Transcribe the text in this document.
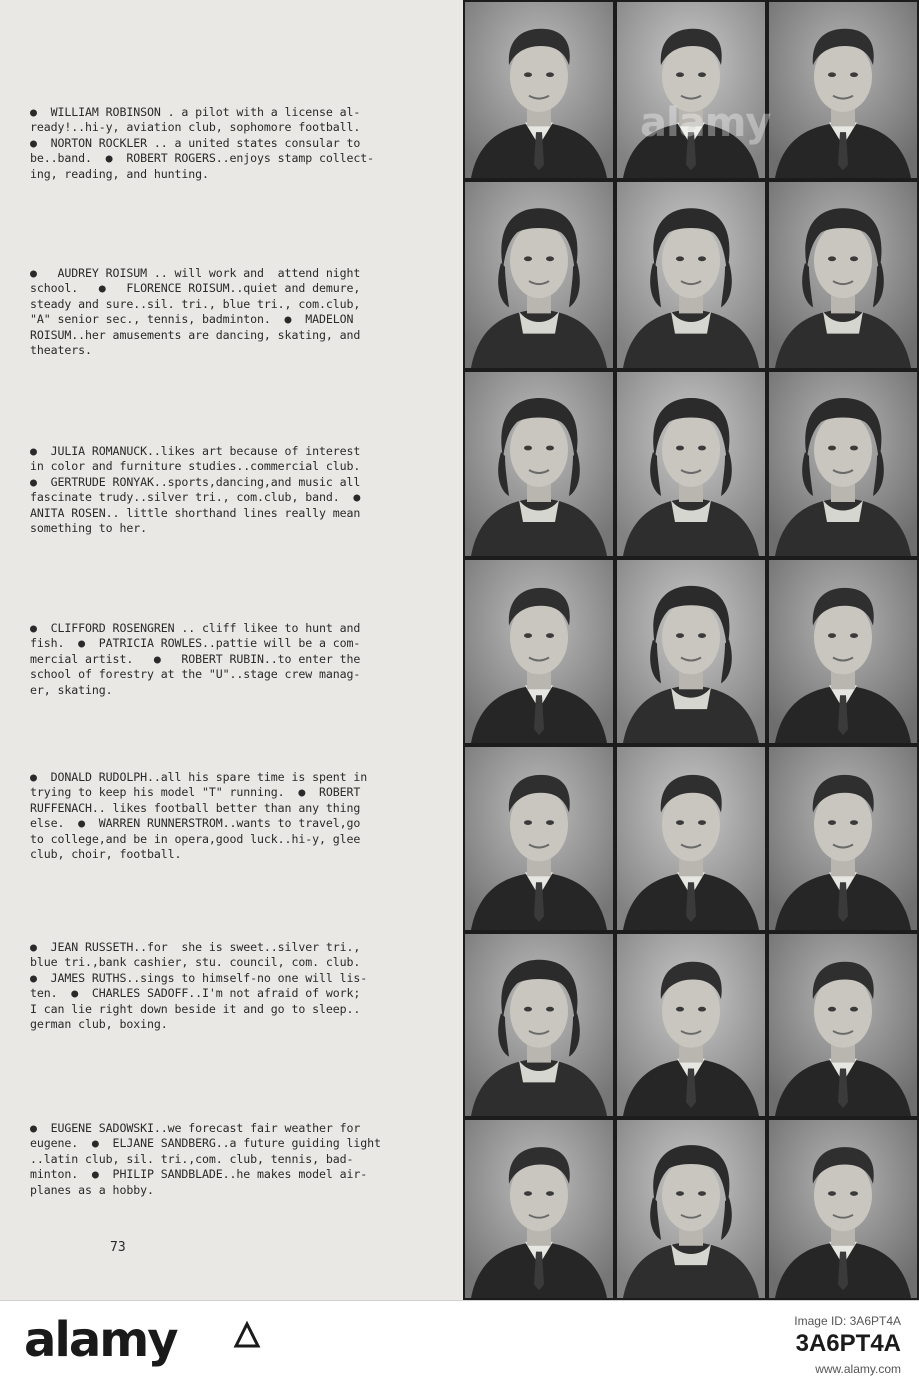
●  WILLIAM ROBINSON . a pilot with a license al-
ready!..hi-y, aviation club, sophomore football.
●  NORTON ROCKLER .. a united states consular to
be..band.  ●  ROBERT ROGERS..enjoys stamp collect-
ing, reading, and hunting.
●   AUDREY ROISUM .. will work and  attend night
school.   ●   FLORENCE ROISUM..quiet and demure,
steady and sure..sil. tri., blue tri., com.club,
"A" senior sec., tennis, badminton.  ●  MADELON
ROISUM..her amusements are dancing, skating, and
theaters.
●  JULIA ROMANUCK..likes art because of interest
in color and furniture studies..commercial club.
●  GERTRUDE RONYAK..sports,dancing,and music all
fascinate trudy..silver tri., com.club, band.  ●
ANITA ROSEN.. little shorthand lines really mean
something to her.
●  CLIFFORD ROSENGREN .. cliff likee to hunt and
fish.  ●  PATRICIA ROWLES..pattie will be a com-
mercial artist.   ●   ROBERT RUBIN..to enter the
school of forestry at the "U"..stage crew manag-
er, skating.
●  DONALD RUDOLPH..all his spare time is spent in
trying to keep his model "T" running.  ●  ROBERT
RUFFENACH.. likes football better than any thing
else.  ●  WARREN RUNNERSTROM..wants to travel,go
to college,and be in opera,good luck..hi-y, glee
club, choir, football.
●  JEAN RUSSETH..for  she is sweet..silver tri.,
blue tri.,bank cashier, stu. council, com. club.
●  JAMES RUTHS..sings to himself-no one will lis-
ten.  ●  CHARLES SADOFF..I'm not afraid of work;
I can lie right down beside it and go to sleep..
german club, boxing.
●  EUGENE SADOWSKI..we forecast fair weather for
eugene.  ●  ELJANE SANDBERG..a future guiding light
..latin club, sil. tri.,com. club, tennis, bad-
minton.  ●  PHILIP SANDBLADE..he makes model air-
planes as a hobby.
73
alamy
alamy	Image ID: 3A6PT4A
3A6PT4A
www.alamy.com
